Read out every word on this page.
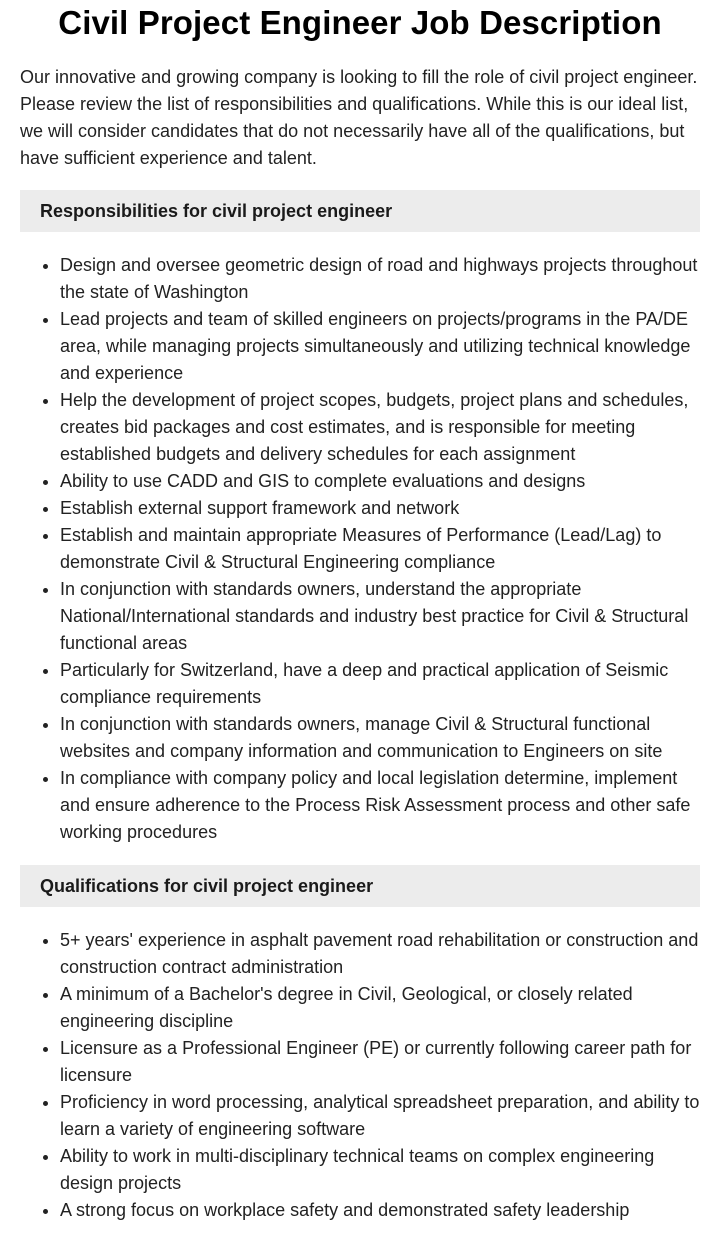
Civil Project Engineer Job Description

Our innovative and growing company is looking to fill the role of civil project engineer. Please review the list of responsibilities and qualifications. While this is our ideal list, we will consider candidates that do not necessarily have all of the qualifications, but have sufficient experience and talent.

Responsibilities for civil project engineer
• Design and oversee geometric design of road and highways projects throughout the state of Washington
• Lead projects and team of skilled engineers on projects/programs in the PA/DE area, while managing projects simultaneously and utilizing technical knowledge and experience
• Help the development of project scopes, budgets, project plans and schedules, creates bid packages and cost estimates, and is responsible for meeting established budgets and delivery schedules for each assignment
• Ability to use CADD and GIS to complete evaluations and designs
• Establish external support framework and network
• Establish and maintain appropriate Measures of Performance (Lead/Lag) to demonstrate Civil & Structural Engineering compliance
• In conjunction with standards owners, understand the appropriate National/International standards and industry best practice for Civil & Structural functional areas
• Particularly for Switzerland, have a deep and practical application of Seismic compliance requirements
• In conjunction with standards owners, manage Civil & Structural functional websites and company information and communication to Engineers on site
• In compliance with company policy and local legislation determine, implement and ensure adherence to the Process Risk Assessment process and other safe working procedures
Qualifications for civil project engineer
• 5+ years' experience in asphalt pavement road rehabilitation or construction and construction contract administration
• A minimum of a Bachelor's degree in Civil, Geological, or closely related engineering discipline
• Licensure as a Professional Engineer (PE) or currently following career path for licensure
• Proficiency in word processing, analytical spreadsheet preparation, and ability to learn a variety of engineering software
• Ability to work in multi-disciplinary technical teams on complex engineering design projects
• A strong focus on workplace safety and demonstrated safety leadership
